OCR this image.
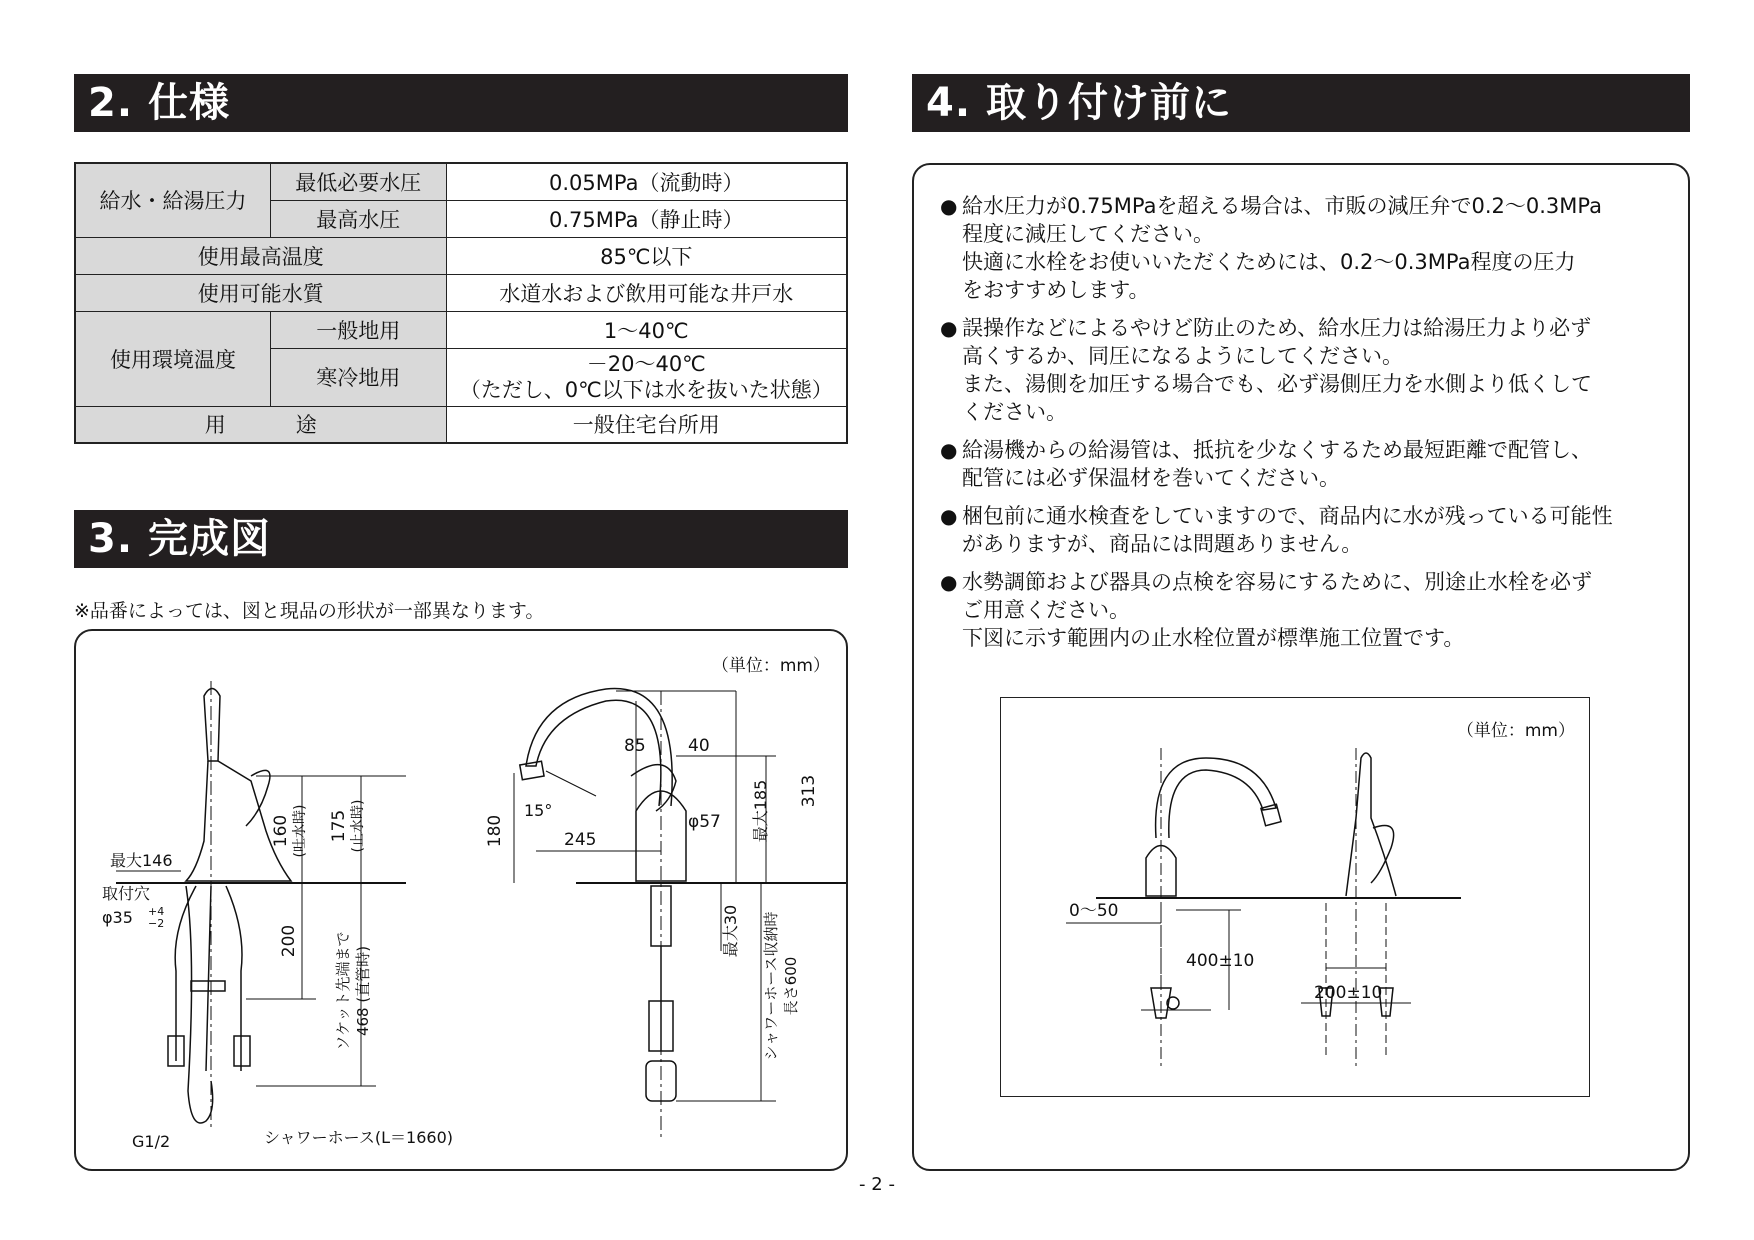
2. 仕様
給水・給湯圧力	最低必要水圧	0.05MPa（流動時）
	最高水圧	0.75MPa（静止時）
使用最高温度		85℃以下
使用可能水質		水道水および飲用可能な井戸水
使用環境温度	一般地用	1～40℃
	寒冷地用	－20～40℃
（ただし、0℃以下は水を抜いた状態）

用 途		一般住宅台所用
3. 完成図
※品番によっては、図と現品の形状が一部異なります。
（単位：mm）
最大146
取付穴
φ35 +4
−2
160 (吐水時) 175 (止水時)
200 ソケット先端まで 468 (直管時)
G1/2	シャワーホース(L＝1660)
85 40
15°
180	245
φ57 最大185 313
最大30 シャワーホース収納時 長さ600
4. 取り付け前に
● 給水圧力が0.75MPaを超える場合は、市販の減圧弁で0.2～0.3MPa
程度に減圧してください。
快適に水栓をお使いいただくためには、0.2～0.3MPa程度の圧力
をおすすめします。
● 誤操作などによるやけど防止のため、給水圧力は給湯圧力より必ず
高くするか、同圧になるようにしてください。
また、湯側を加圧する場合でも、必ず湯側圧力を水側より低くして
ください。
● 給湯機からの給湯管は、抵抗を少なくするため最短距離で配管し、
配管には必ず保温材を巻いてください。
● 梱包前に通水検査をしていますので、商品内に水が残っている可能性
がありますが、商品には問題ありません。
● 水勢調節および器具の点検を容易にするために、別途止水栓を必ず
ご用意ください。
下図に示す範囲内の止水栓位置が標準施工位置です。
（単位：mm）
0～50
400±10
200±10
- 2 -
